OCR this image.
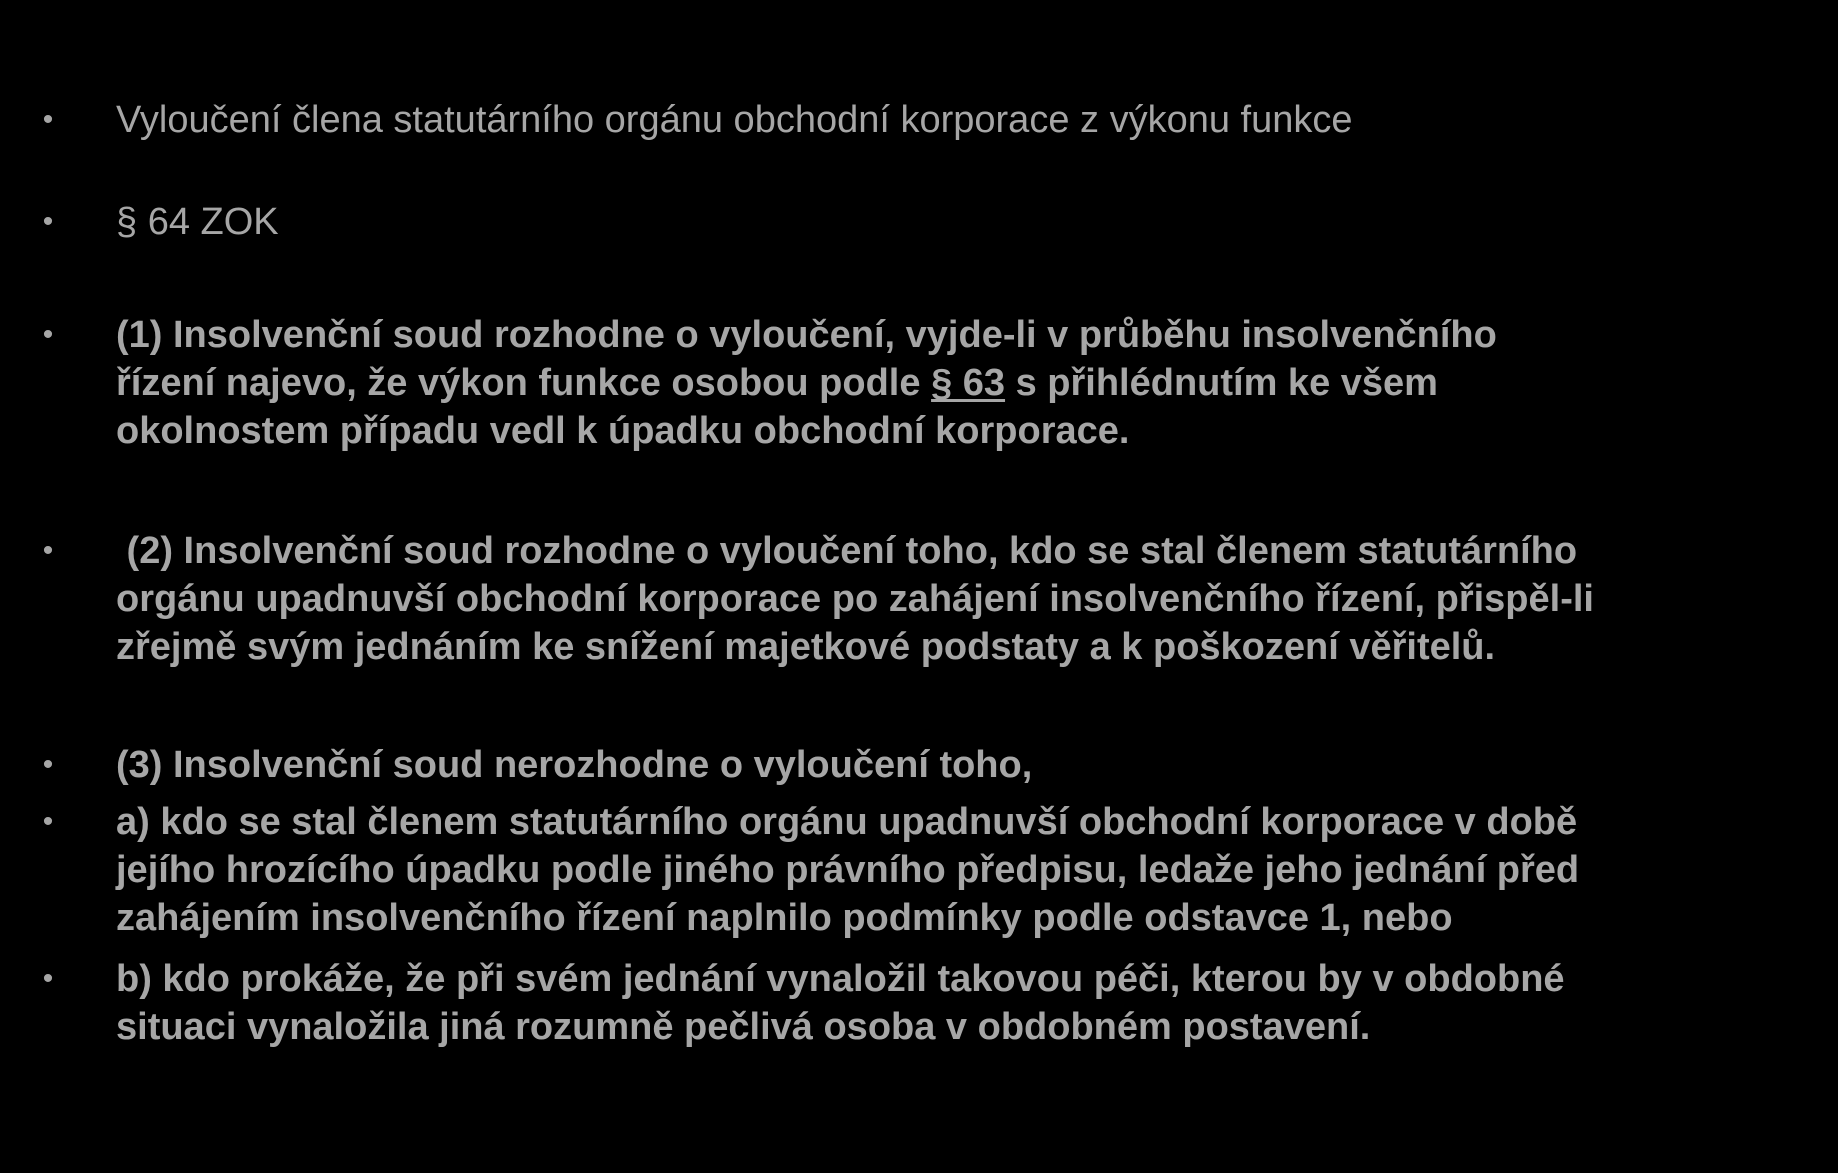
• Vyloučení člena statutárního orgánu obchodní korporace z výkonu funkce
• § 64 ZOK
• (1) Insolvenční soud rozhodne o vyloučení, vyjde-li v průběhu insolvenčního
řízení najevo, že výkon funkce osobou podle § 63 s přihlédnutím ke všem
okolnostem případu vedl k úpadku obchodní korporace.
• (2) Insolvenční soud rozhodne o vyloučení toho, kdo se stal členem statutárního
orgánu upadnuvší obchodní korporace po zahájení insolvenčního řízení, přispěl-li
zřejmě svým jednáním ke snížení majetkové podstaty a k poškození věřitelů.
• (3) Insolvenční soud nerozhodne o vyloučení toho,
• a) kdo se stal členem statutárního orgánu upadnuvší obchodní korporace v době
jejího hrozícího úpadku podle jiného právního předpisu, ledaže jeho jednání před
zahájením insolvenčního řízení naplnilo podmínky podle odstavce 1, nebo
• b) kdo prokáže, že při svém jednání vynaložil takovou péči, kterou by v obdobné
situaci vynaložila jiná rozumně pečlivá osoba v obdobném postavení.
